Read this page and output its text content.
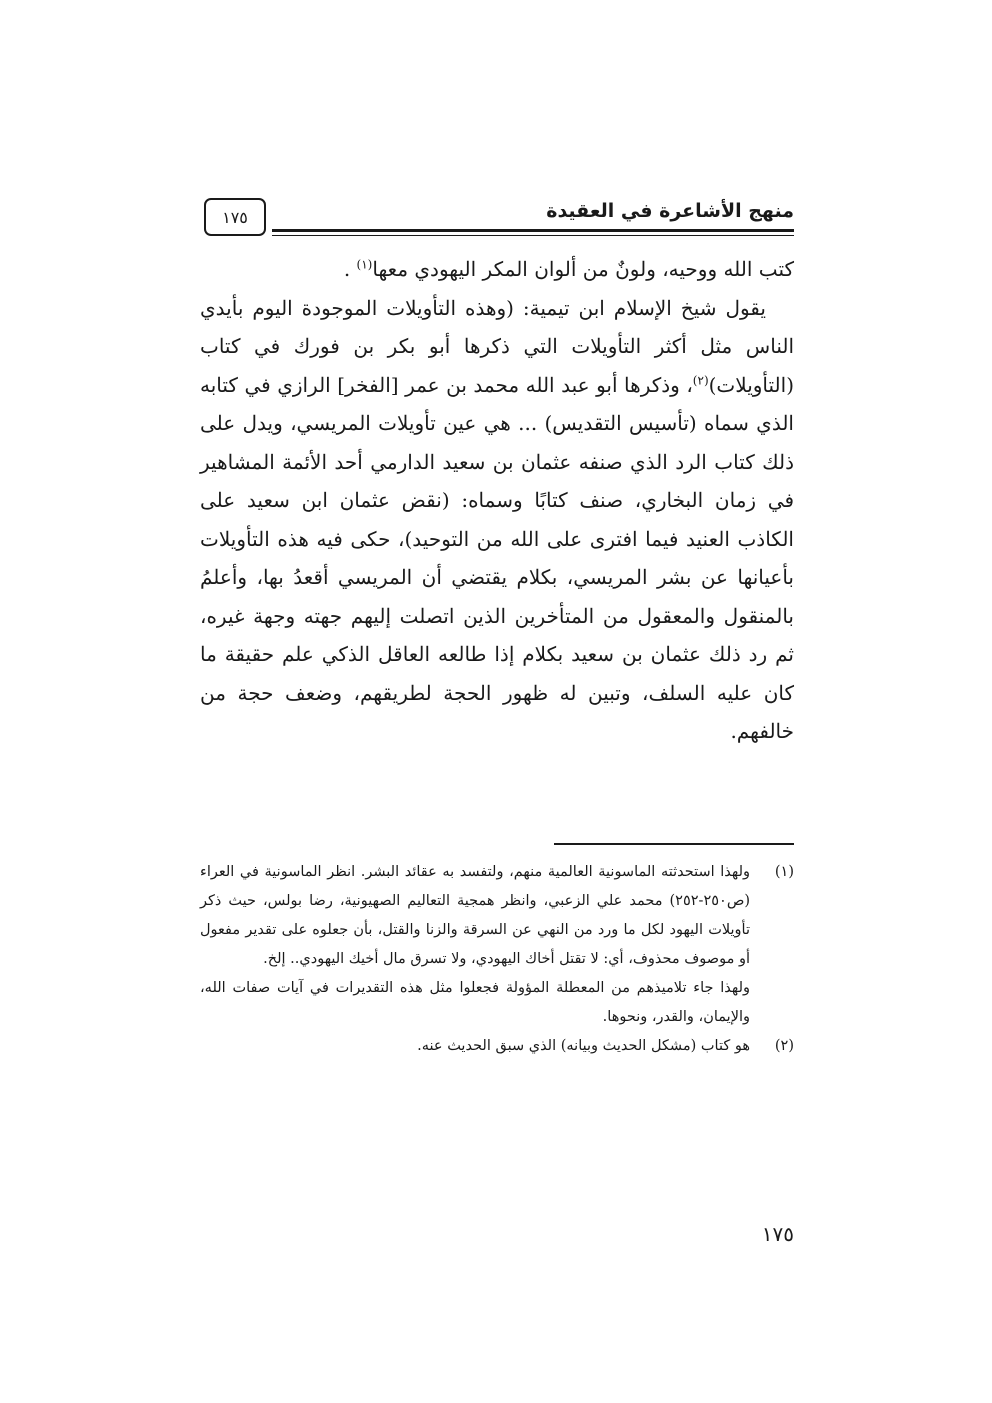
منهج الأشاعرة في العقيدة
١٧٥

كتب الله ووحيه، ولونٌ من ألوان المكر اليهودي معها$^{(١)}$ .

يقول شيخ الإسلام ابن تيمية: (وهذه التأويلات الموجودة اليوم بأيدي الناس مثل أكثر التأويلات التي ذكرها أبو بكر بن فورك في كتاب (التأويلات)$^{(٢)}$، وذكرها أبو عبد الله محمد بن عمر [الفخر] الرازي في كتابه الذي سماه (تأسيس التقديس) ... هي عين تأويلات المريسي، ويدل على ذلك كتاب الرد الذي صنفه عثمان بن سعيد الدارمي أحد الأئمة المشاهير في زمان البخاري، صنف كتابًا وسماه: (نقض عثمان ابن سعيد على الكاذب العنيد فيما افترى على الله من التوحيد)، حكى فيه هذه التأويلات بأعيانها عن بشر المريسي، بكلام يقتضي أن المريسي أقعدُ بها، وأعلمُ بالمنقول والمعقول من المتأخرين الذين اتصلت إليهم جهته وجهة غيره، ثم رد ذلك عثمان بن سعيد بكلام إذا طالعه العاقل الذكي علم حقيقة ما كان عليه السلف، وتبين له ظهور الحجة لطريقهم، وضعف حجة من خالفهم.

(١)

ولهذا استحدثته الماسونية العالمية منهم، ولتفسد به عقائد البشر. انظر الماسونية في العراء (ص٢٥٠-٢٥٢) محمد علي الزعبي، وانظر همجية التعاليم الصهيونية، رضا بولس، حيث ذكر تأويلات اليهود لكل ما ورد من النهي عن السرقة والزنا والقتل، بأن جعلوه على تقدير مفعول أو موصوف محذوف، أي: لا تقتل أخاك اليهودي، ولا تسرق مال أخيك اليهودي.. إلخ.

ولهذا جاء تلاميذهم من المعطلة المؤولة فجعلوا مثل هذه التقديرات في آيات صفات الله، والإيمان، والقدر، ونحوها.

(٢)

هو كتاب (مشكل الحديث وبيانه) الذي سبق الحديث عنه.

١٧٥
